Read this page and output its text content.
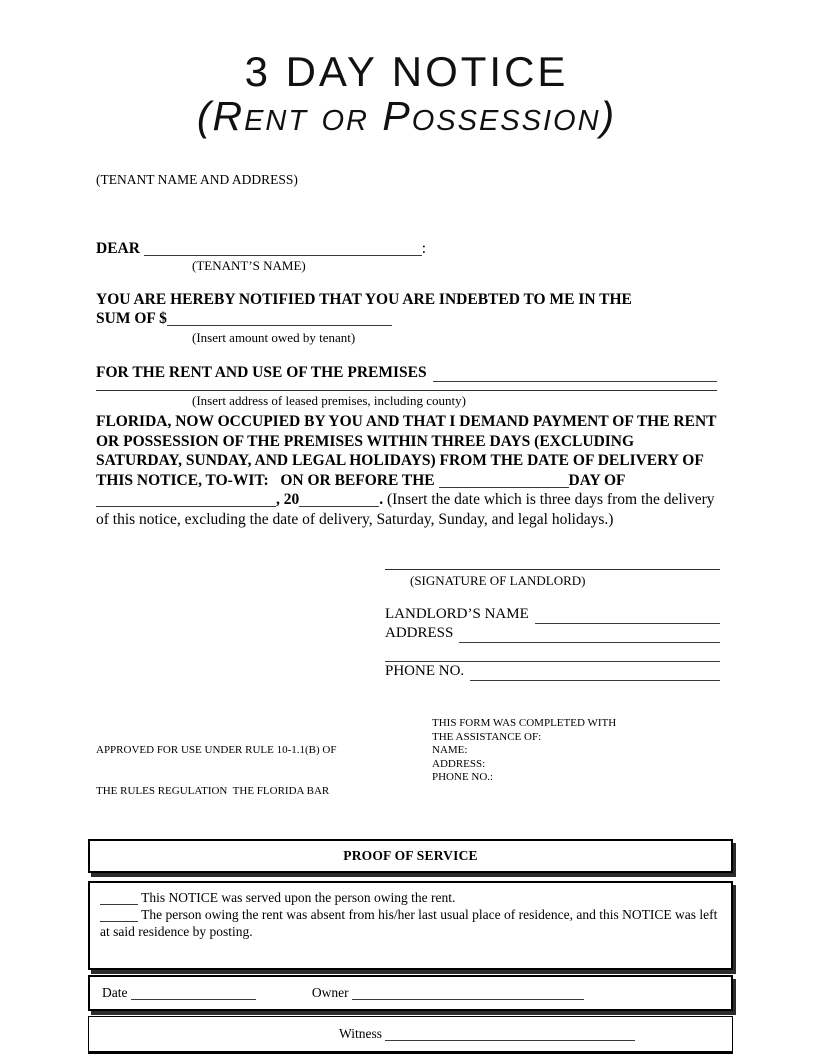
3 DAY NOTICE
(Rent or Possession)
(TENANT NAME AND ADDRESS)
DEAR	:
(TENANT’S NAME)
YOU ARE HEREBY NOTIFIED THAT YOU ARE INDEBTED TO ME IN THE
SUM OF $
(Insert amount owed by tenant)
FOR THE RENT AND USE OF THE PREMISES
(Insert address of leased premises, including county)

FLORIDA, NOW OCCUPIED BY YOU AND THAT I DEMAND PAYMENT OF THE RENT OR POSSESSION OF THE PREMISES WITHIN THREE DAYS (EXCLUDING SATURDAY, SUNDAY, AND LEGAL HOLIDAYS) FROM THE DATE OF DELIVERY OF  THIS NOTICE, TO-WIT:   ON OR BEFORE THE	DAY OF
, 20	. (Insert the date which is three days from the delivery of this notice, excluding the date of delivery, Saturday, Sunday, and legal holidays.)

(SIGNATURE OF LANDLORD)
LANDLORD’S NAME
ADDRESS
PHONE NO.

APPROVED FOR USE UNDER RULE 10-1.1(B) OF

THE RULES REGULATION  THE FLORIDA BAR

THIS FORM WAS COMPLETED WITH
THE ASSISTANCE OF:
NAME:
ADDRESS:
PHONE NO.:
PROOF OF SERVICE
This NOTICE was served upon the person owing the rent.
The person owing the rent was absent from his/her last usual place of residence, and this NOTICE was left at said residence by posting.
Date	Owner
Witness
